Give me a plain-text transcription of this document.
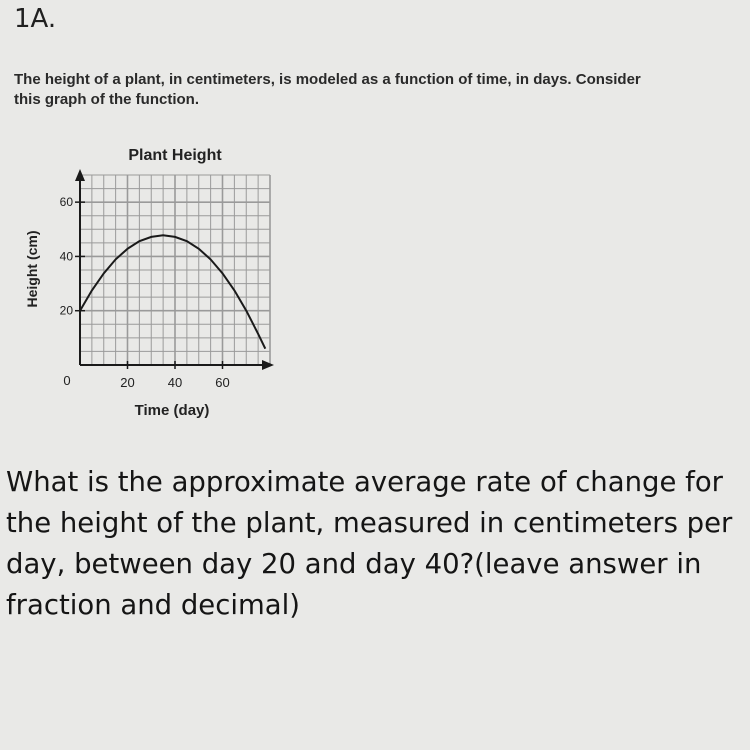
1A.
The height of a plant, in centimeters, is modeled as a function of time, in days. Consider this graph of the function.
Plant Height
20	40	60
20
40
60
0
Time (day)
Height (cm)
What is the approximate average rate of change for the height of the plant, measured in centimeters per day, between day 20 and day 40?(leave answer in fraction and decimal)
